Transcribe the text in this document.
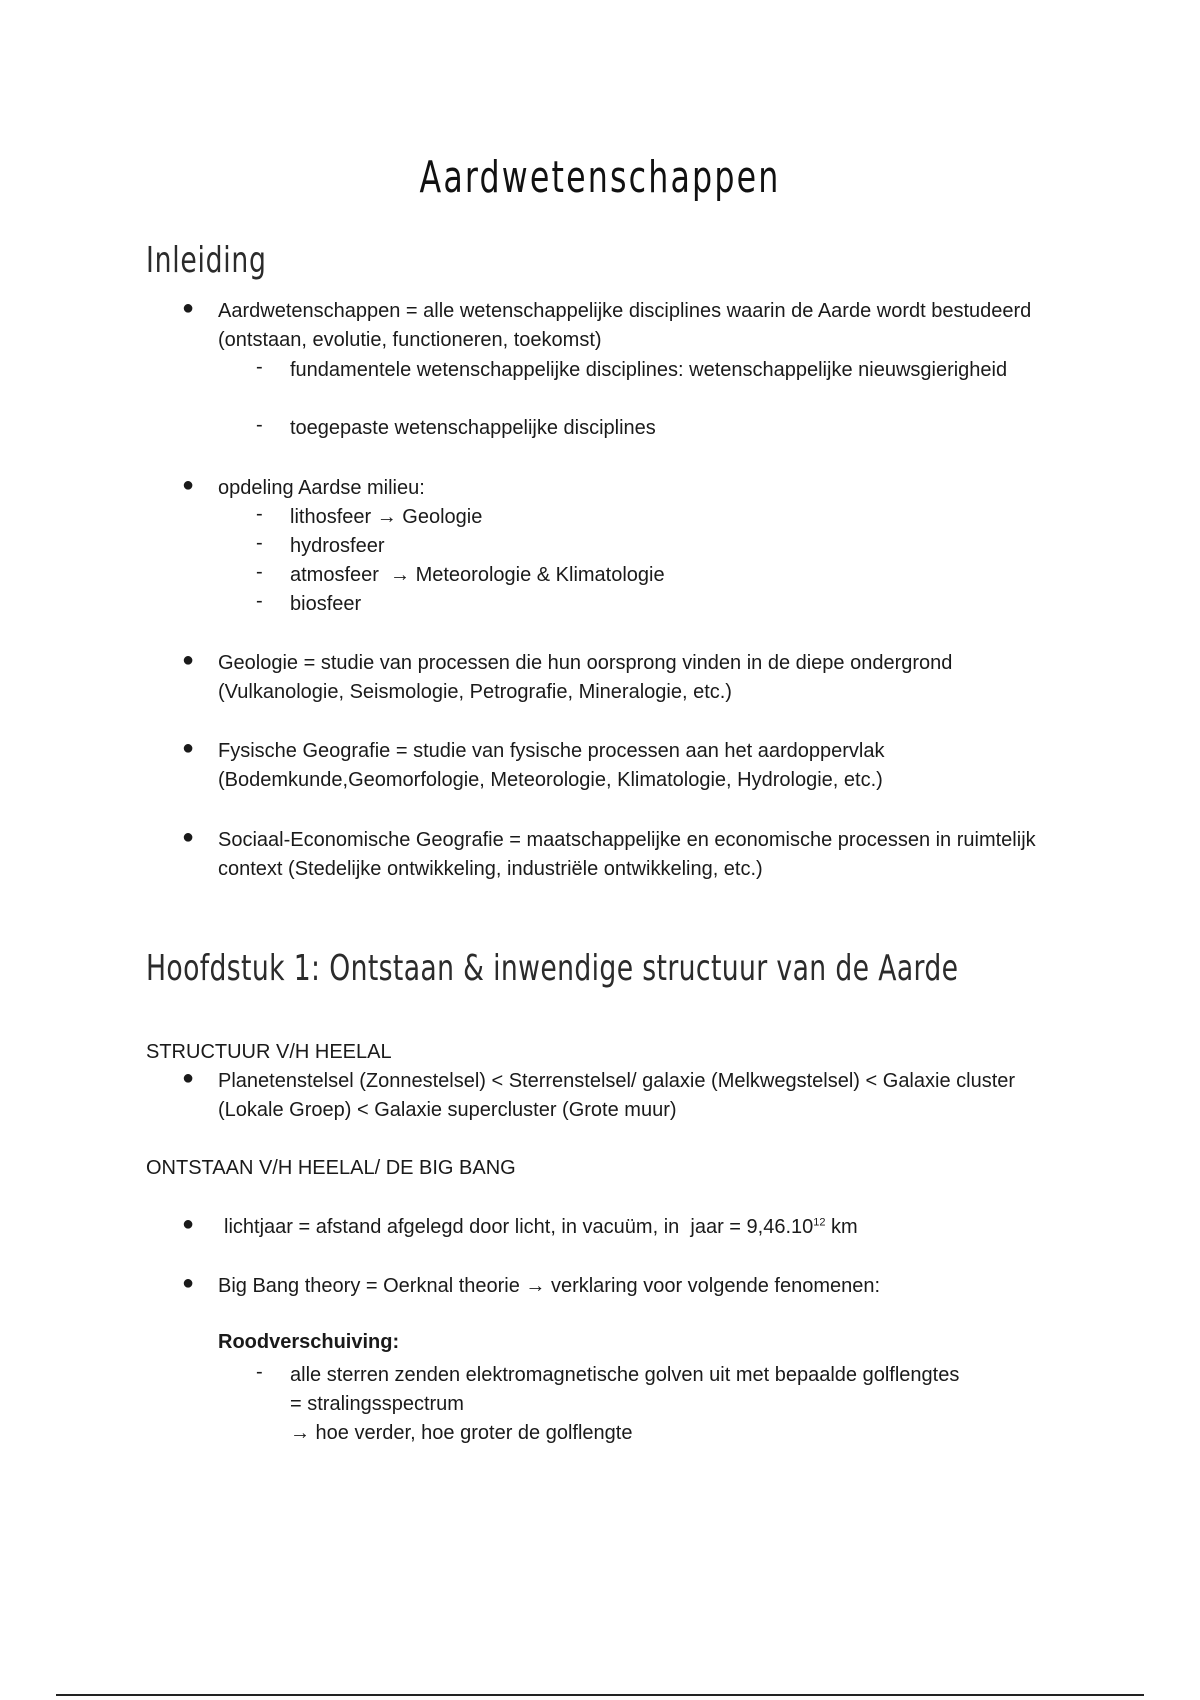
Aardwetenschappen
Inleiding
● Aardwetenschappen = alle wetenschappelijke disciplines waarin de Aarde wordt bestudeerd (ontstaan, evolutie, functioneren, toekomst)
- fundamentele wetenschappelijke disciplines: wetenschappelijke nieuwsgierigheid
- toegepaste wetenschappelijke disciplines
● opdeling Aardse milieu:
- lithosfeer → Geologie
- hydrosfeer
- atmosfeer  → Meteorologie & Klimatologie
- biosfeer
● Geologie = studie van processen die hun oorsprong vinden in de diepe ondergrond (Vulkanologie, Seismologie, Petrografie, Mineralogie, etc.)
● Fysische Geografie = studie van fysische processen aan het aardoppervlak (Bodemkunde,Geomorfologie, Meteorologie, Klimatologie, Hydrologie, etc.)
● Sociaal-Economische Geografie = maatschappelijke en economische processen in ruimtelijk context (Stedelijke ontwikkeling, industriële ontwikkeling, etc.)
Hoofdstuk 1: Ontstaan & inwendige structuur van de Aarde
STRUCTUUR V/H HEELAL
● Planetenstelsel (Zonnestelsel) < Sterrenstelsel/ galaxie (Melkwegstelsel) < Galaxie cluster (Lokale Groep) < Galaxie supercluster (Grote muur)
ONTSTAAN V/H HEELAL/ DE BIG BANG
● lichtjaar = afstand afgelegd door licht, in vacuüm, in  jaar = $9,46.10^{12}$ km
● Big Bang theory = Oerknal theorie → verklaring voor volgende fenomenen:
Roodverschuiving:
- alle sterren zenden elektromagnetische golven uit met bepaalde golflengtes
= stralingsspectrum
→ hoe verder, hoe groter de golflengte
